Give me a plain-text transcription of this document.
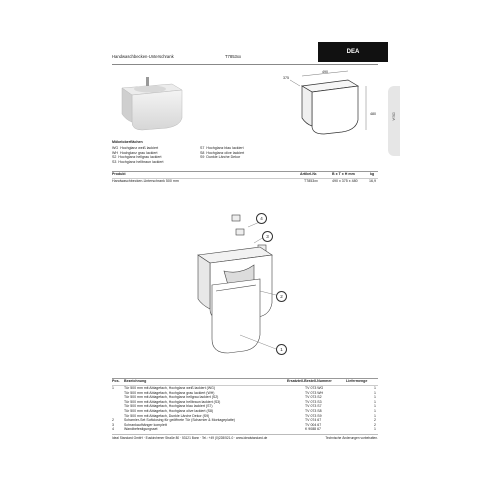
Handwaschbecken-Unterschrank	T7853xx
DEA
DEA
490
375
480
Möbeloberflächen
WG Hochglanz weiß lackiert
WH Hochglanz grau lackiert
S2 Hochglanz hellgrau lackiert
S3 Hochglanz hellbraun lackiert
S7 Hochglanz blau lackiert
S8 Hochglanz olive lackiert
S9 Dunkle Lärche Dekor
Produkt	Artikel-Nr.	B x T x H mm	kg
Handwaschbecken-Unterschrank 500 mm	T7853xx	490 x 375 x 480	16,9
4
3
2
1
Pos. Bezeichnung	Ersatzteil-Bestell-Nummer	Liefermenge
1	Tür 500 mm mit Ablagefach, Hochglanz weiß lackiert (WG)	TV 073 WG	1
Tür 500 mm mit Ablagefach, Hochglanz grau lackiert (WH)	TV 073 WH	1
Tür 500 mm mit Ablagefach, Hochglanz hellgrau lackiert (S2)	TV 073 S2	1
Tür 500 mm mit Ablagefach, Hochglanz hellbraun lackiert (S3)	TV 073 S3	1
Tür 500 mm mit Ablagefach, Hochglanz blau lackiert (S7)	TV 073 S7	1
Tür 500 mm mit Ablagefach, Hochglanz olive lackiert (S8)	TV 073 S8	1
Tür 500 mm mit Ablagefach, Dunkle Lärche Dekor (S9)	TV 073 S9	1
2	Scharnier-Set Softclosing für geöffnete Tür (Scharnier & Montageplatte)	TV 074 67	2
3	Schrankaufhänger komplett	TV 004 67	2
4	Wandbefestigungsset	K 9088 67	1
Ideal Standard GmbH · Euskirchener Straße 80 · 53121 Bonn · Tel.: +49 (0)228/521-0 · www.idealstandard.de	Technische Änderungen vorbehalten.
